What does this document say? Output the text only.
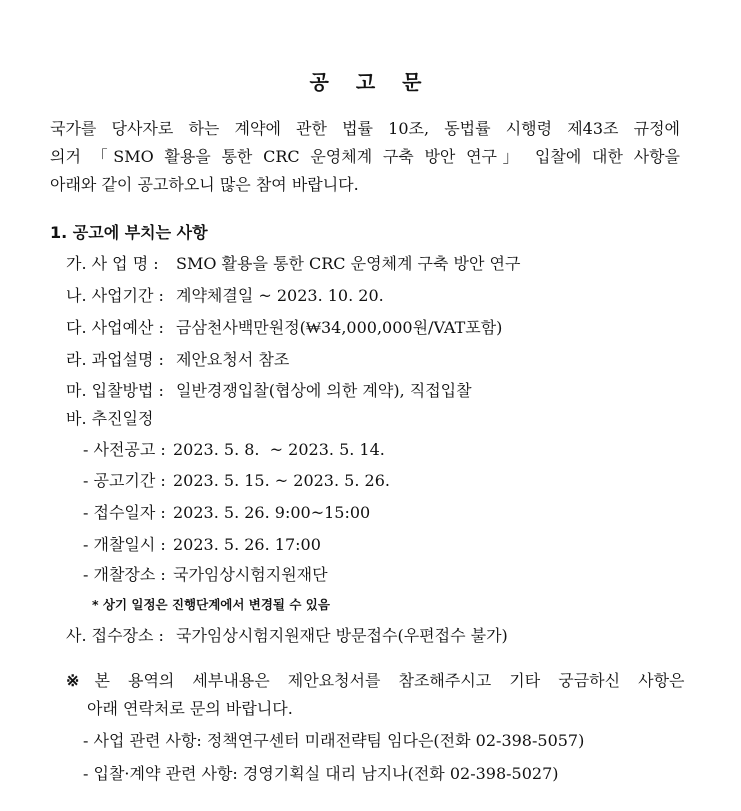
공 고 문
국가를 당사자로 하는 계약에 관한 법률 10조, 동법률 시행령 제43조 규정에
의거 「SMO 활용을 통한 CRC 운영체계 구축 방안 연구」 입찰에 대한 사항을
아래와 같이 공고하오니 많은 참여 바랍니다.
1. 공고에 부치는 사항
가. 사 업 명 : SMO 활용을 통한 CRC 운영체계 구축 방안 연구
나. 사업기간 : 계약체결일 ~ 2023. 10. 20.
다. 사업예산 : 금삼천사백만원정(₩34,000,000원/VAT포함)
라. 과업설명 : 제안요청서 참조
마. 입찰방법 : 일반경쟁입찰(협상에 의한 계약), 직접입찰
바. 추진일정
- 사전공고 : 2023. 5. 8.  ~ 2023. 5. 14.
- 공고기간 : 2023. 5. 15. ~ 2023. 5. 26.
- 접수일자 : 2023. 5. 26. 9:00~15:00
- 개찰일시 : 2023. 5. 26. 17:00
- 개찰장소 : 국가임상시험지원재단
* 상기 일정은 진행단계에서 변경될 수 있음
사. 접수장소 : 국가임상시험지원재단 방문접수(우편접수 불가)
※ 본 용역의 세부내용은 제안요청서를 참조해주시고 기타 궁금하신 사항은
아래 연락처로 문의 바랍니다.
- 사업 관련 사항: 정책연구센터 미래전략팀 임다은(전화 02-398-5057)
- 입찰·계약 관련 사항: 경영기획실 대리 남지나(전화 02-398-5027)
